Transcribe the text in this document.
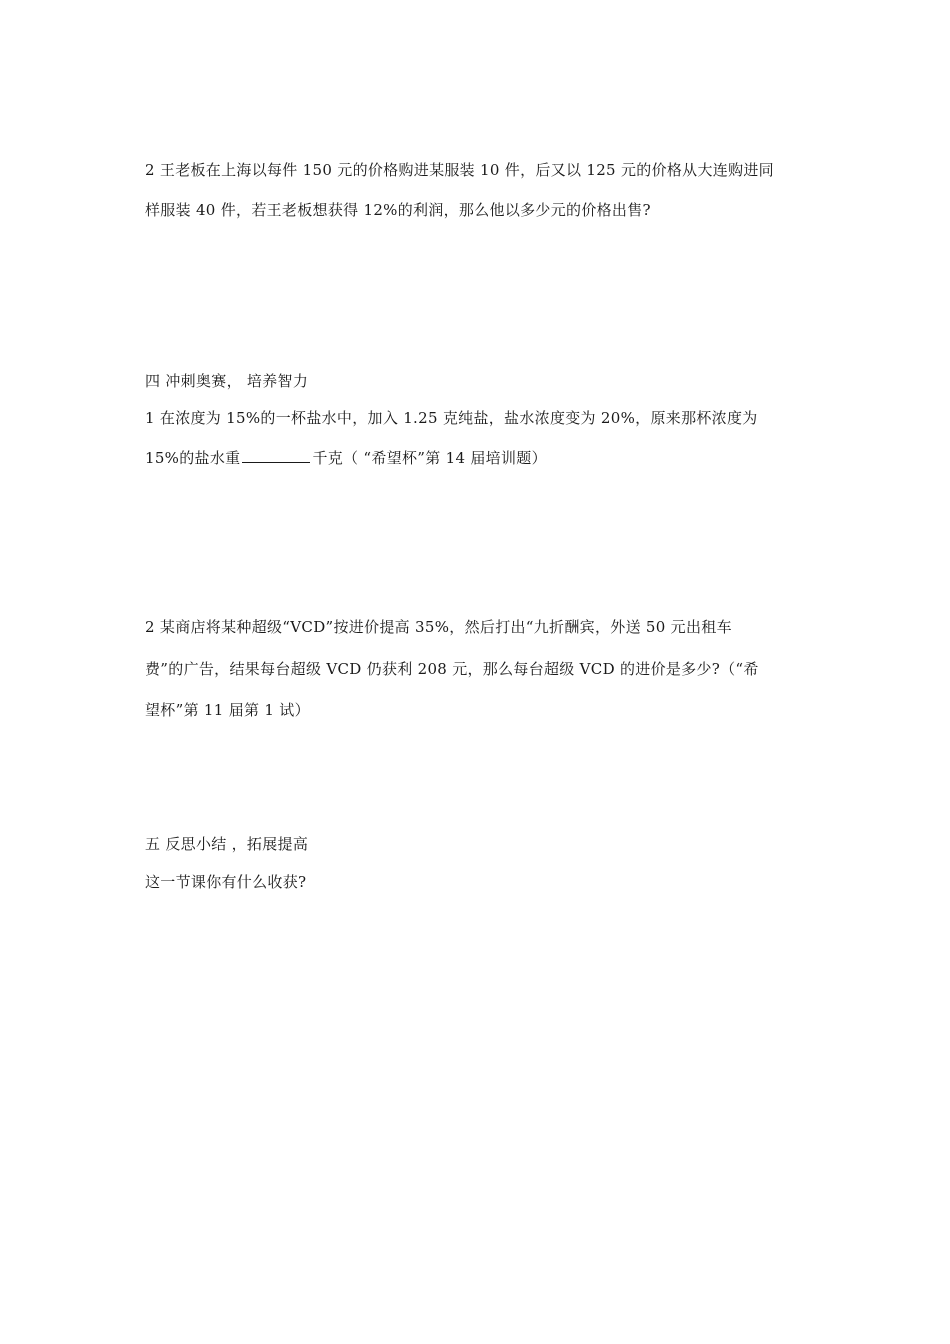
2 王老板在上海以每件 150 元的价格购进某服装 10 件，后又以 125 元的价格从大连购进同
样服装 40 件，若王老板想获得 12%的利润，那么他以多少元的价格出售?
四 冲刺奥赛， 培养智力
1 在浓度为 15%的一杯盐水中，加入 1.25 克纯盐，盐水浓度变为 20%，原来那杯浓度为
15%的盐水重	千克（ “希望杯”第 14 届培训题）
2 某商店将某种超级“VCD”按进价提高 35%，然后打出“九折酬宾，外送 50 元出租车
费”的广告，结果每台超级 VCD 仍获利 208 元，那么每台超级 VCD 的进价是多少?（“希
望杯”第 11 届第 1 试）
五 反思小结 ，拓展提高
这一节课你有什么收获?
